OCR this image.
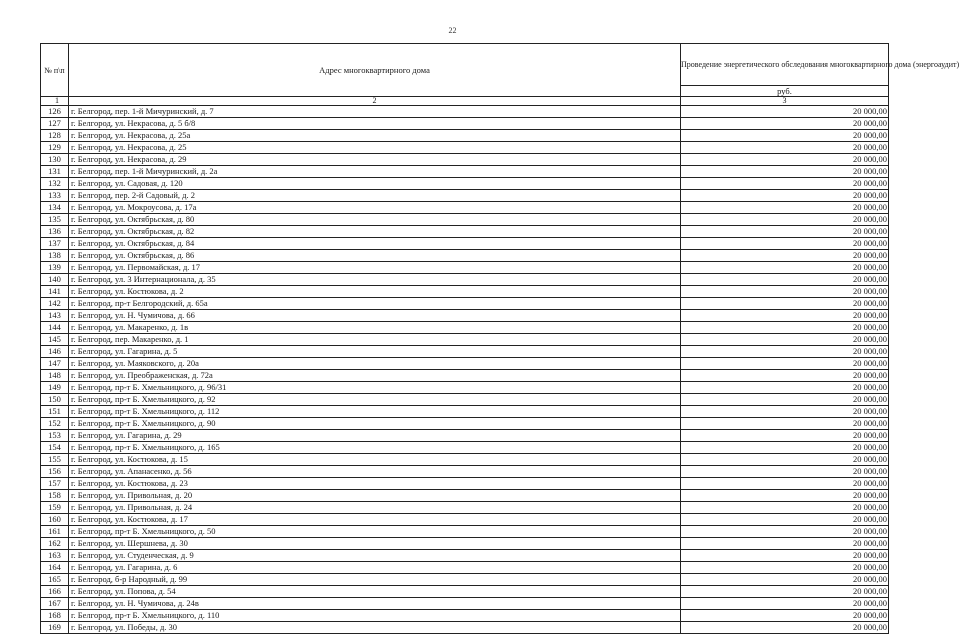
22
№ п\п	Адрес многоквартирного дома	Проведение энергетического обследования многоквартирного дома (энергоаудит)
		руб.
1	2	3
126	г. Белгород, пер. 1-й Мичуринский, д. 7	20 000,00
127	г. Белгород, ул. Некрасова, д. 5 б/8	20 000,00
128	г. Белгород, ул. Некрасова, д. 25а	20 000,00
129	г. Белгород, ул. Некрасова, д. 25	20 000,00
130	г. Белгород, ул. Некрасова, д. 29	20 000,00
131	г. Белгород, пер. 1-й Мичуринский, д. 2а	20 000,00
132	г. Белгород, ул. Садовая, д. 120	20 000,00
133	г. Белгород, пер. 2-й Садовый, д. 2	20 000,00
134	г. Белгород, ул. Мокроусова, д. 17а	20 000,00
135	г. Белгород, ул. Октябрьская, д. 80	20 000,00
136	г. Белгород, ул. Октябрьская, д. 82	20 000,00
137	г. Белгород, ул. Октябрьская, д. 84	20 000,00
138	г. Белгород, ул. Октябрьская, д. 86	20 000,00
139	г. Белгород, ул. Первомайская, д. 17	20 000,00
140	г. Белгород, ул. 3 Интернационала, д. 35	20 000,00
141	г. Белгород, ул. Костюкова, д. 2	20 000,00
142	г. Белгород, пр-т Белгородский, д. 65а	20 000,00
143	г. Белгород, ул. Н. Чумичова, д. 66	20 000,00
144	г. Белгород, ул. Макаренко, д. 1в	20 000,00
145	г. Белгород, пер. Макаренко, д. 1	20 000,00
146	г. Белгород, ул. Гагарина, д. 5	20 000,00
147	г. Белгород, ул. Маяковского, д. 20а	20 000,00
148	г. Белгород, ул. Преображенская, д. 72а	20 000,00
149	г. Белгород, пр-т Б. Хмельницкого, д. 96/31	20 000,00
150	г. Белгород, пр-т Б. Хмельницкого, д. 92	20 000,00
151	г. Белгород, пр-т Б. Хмельницкого, д. 112	20 000,00
152	г. Белгород, пр-т Б. Хмельницкого, д. 90	20 000,00
153	г. Белгород, ул. Гагарина, д. 29	20 000,00
154	г. Белгород, пр-т Б. Хмельницкого, д. 165	20 000,00
155	г. Белгород, ул. Костюкова, д. 15	20 000,00
156	г. Белгород, ул. Апанасенко, д. 56	20 000,00
157	г. Белгород, ул. Костюкова, д. 23	20 000,00
158	г. Белгород, ул. Привольная, д. 20	20 000,00
159	г. Белгород, ул. Привольная, д. 24	20 000,00
160	г. Белгород, ул. Костюкова, д. 17	20 000,00
161	г. Белгород, пр-т Б. Хмельницкого, д. 50	20 000,00
162	г. Белгород, ул. Шершнева, д. 30	20 000,00
163	г. Белгород, ул. Студенческая, д. 9	20 000,00
164	г. Белгород, ул. Гагарина, д. 6	20 000,00
165	г. Белгород, б-р Народный, д. 99	20 000,00
166	г. Белгород, ул. Попова, д. 54	20 000,00
167	г. Белгород, ул. Н. Чумичова, д. 24в	20 000,00
168	г. Белгород, пр-т Б. Хмельницкого, д. 110	20 000,00
169	г. Белгород, ул. Победы, д. 30	20 000,00
